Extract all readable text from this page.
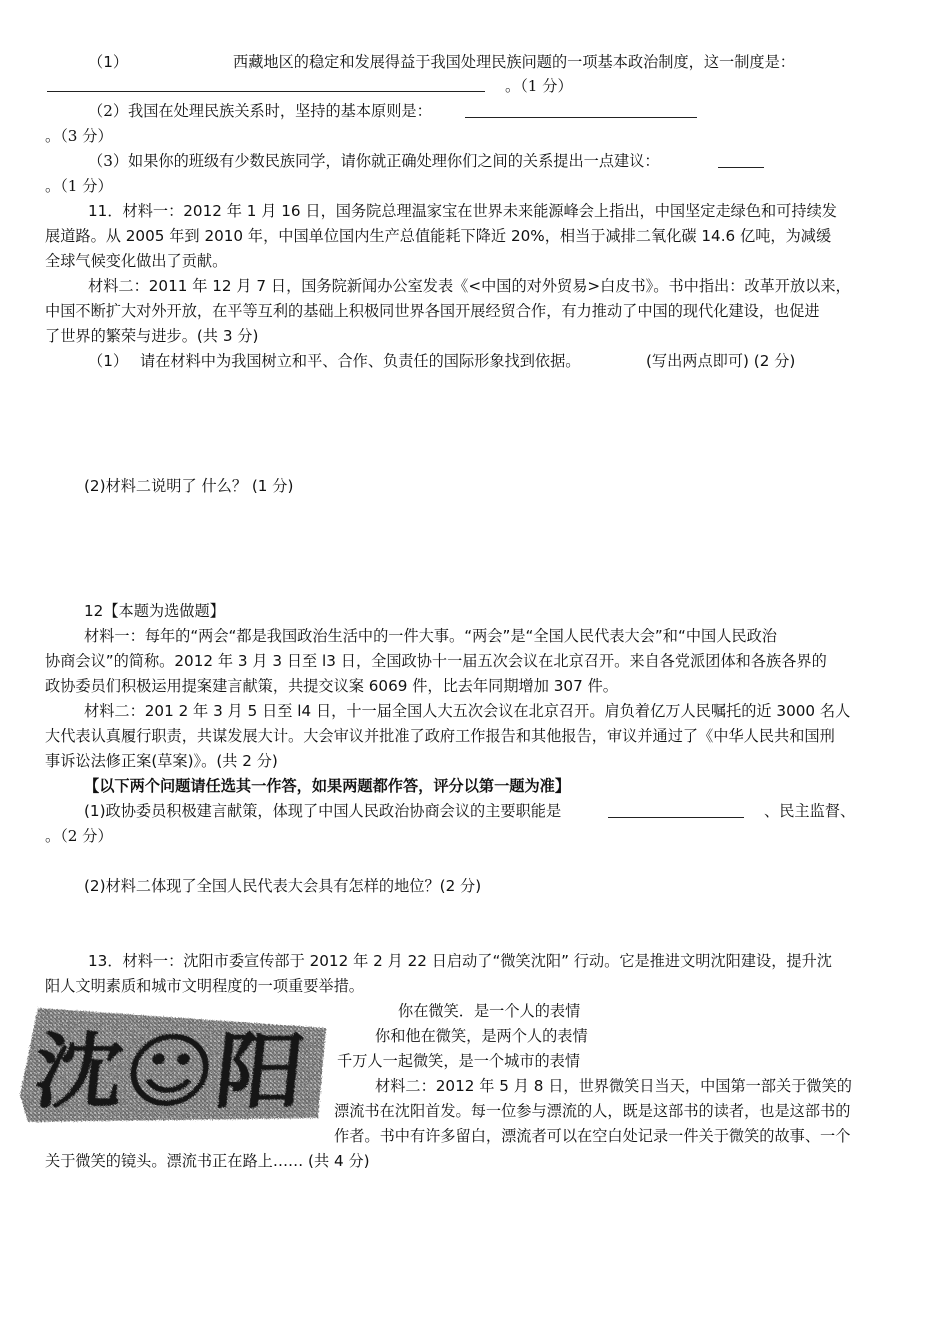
（1）	西藏地区的稳定和发展得益于我国处理民族问题的一项基本政治制度，这一制度是：
。（1 分）
（2）我国在处理民族关系时，坚持的基本原则是：
。（3 分）
（3）如果你的班级有少数民族同学，请你就正确处理你们之间的关系提出一点建议：
。（1 分）
11．材料一：2012 年 1 月 16 日，国务院总理温家宝在世界未来能源峰会上指出，中国坚定走绿色和可持续发
展道路。从 2005 年到 2010 年，中国单位国内生产总值能耗下降近 20%，相当于减排二氧化碳 14.6 亿吨，为减缓
全球气候变化做出了贡献。
材料二：2011 年 12 月 7 日，国务院新闻办公室发表《<中国的对外贸易>白皮书》。书中指出：改革开放以来，
中国不断扩大对外开放，在平等互利的基础上积极同世界各国开展经贸合作，有力推动了中国的现代化建设，也促进
了世界的繁荣与进步。(共 3 分)
（1） 请在材料中为我国树立和平、合作、负责任的国际形象找到依据。	(写出两点即可) (2 分)
(2)材料二说明了 什么？ (1 分)
12【本题为选做题】
材料一：每年的“两会“都是我国政治生活中的一件大事。“两会”是“全国人民代表大会”和“中国人民政治
协商会议”的简称。2012 年 3 月 3 日至 l3 日，全国政协十一届五次会议在北京召开。来自各党派团体和各族各界的
政协委员们积极运用提案建言献策，共提交议案 6069 件，比去年同期增加 307 件。
材料二：201 2 年 3 月 5 日至 l4 日，十一届全国人大五次会议在北京召开。肩负着亿万人民嘱托的近 3000 名人
大代表认真履行职责，共谋发展大计。大会审议并批准了政府工作报告和其他报告，审议并通过了《中华人民共和国刑
事诉讼法修正案(草案)》。(共 2 分)
【以下两个问题请任选其一作答，如果两题都作答，评分以第一题为准】
(1)政协委员积极建言献策，体现了中国人民政治协商会议的主要职能是	、民主监督、
。（2 分）
(2)材料二体现了全国人民代表大会具有怎样的地位？(2 分)
13．材料一：沈阳市委宣传部于 2012 年 2 月 22 日启动了“微笑沈阳” 行动。它是推进文明沈阳建设，提升沈
阳人文明素质和城市文明程度的一项重要举措。
沈☺阳
你在微笑．是一个人的表情
你和他在微笑，是两个人的表情
千万人一起微笑，是一个城市的表情
材料二：2012 年 5 月 8 日，世界微笑日当天，中国第一部关于微笑的
漂流书在沈阳首发。每一位参与漂流的人，既是这部书的读者，也是这部书的
作者。书中有许多留白，漂流者可以在空白处记录一件关于微笑的故事、一个
关于微笑的镜头。漂流书正在路上…… (共 4 分)
